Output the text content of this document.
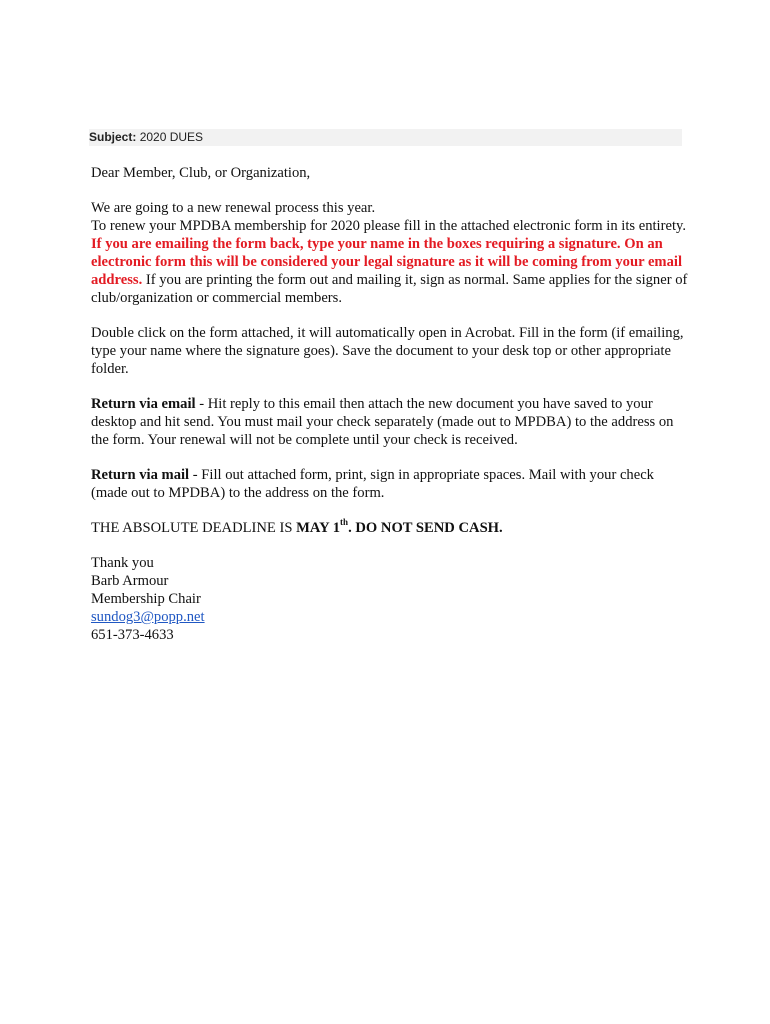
Subject: 2020 DUES

Dear Member, Club, or Organization,

We are going to a new renewal process this year.
To renew your MPDBA membership for 2020 please fill in the attached electronic form in its entirety. If you are emailing the form back, type your name in the boxes requiring a signature. On an electronic form this will be considered your legal signature as it will be coming from your email address. If you are printing the form out and mailing it, sign as normal. Same applies for the signer of club/organization or commercial members.

Double click on the form attached, it will automatically open in Acrobat. Fill in the form (if emailing, type your name where the signature goes). Save the document to your desk top or other appropriate folder.

Return via email - Hit reply to this email then attach the new document you have saved to your desktop and hit send. You must mail your check separately (made out to MPDBA) to the address on the form. Your renewal will not be complete until your check is received.

Return via mail - Fill out attached form, print, sign in appropriate spaces. Mail with your check (made out to MPDBA) to the address on the form.

THE ABSOLUTE DEADLINE IS MAY 1th. DO NOT SEND CASH.

Thank you
Barb Armour
Membership Chair
sundog3@popp.net
651-373-4633
